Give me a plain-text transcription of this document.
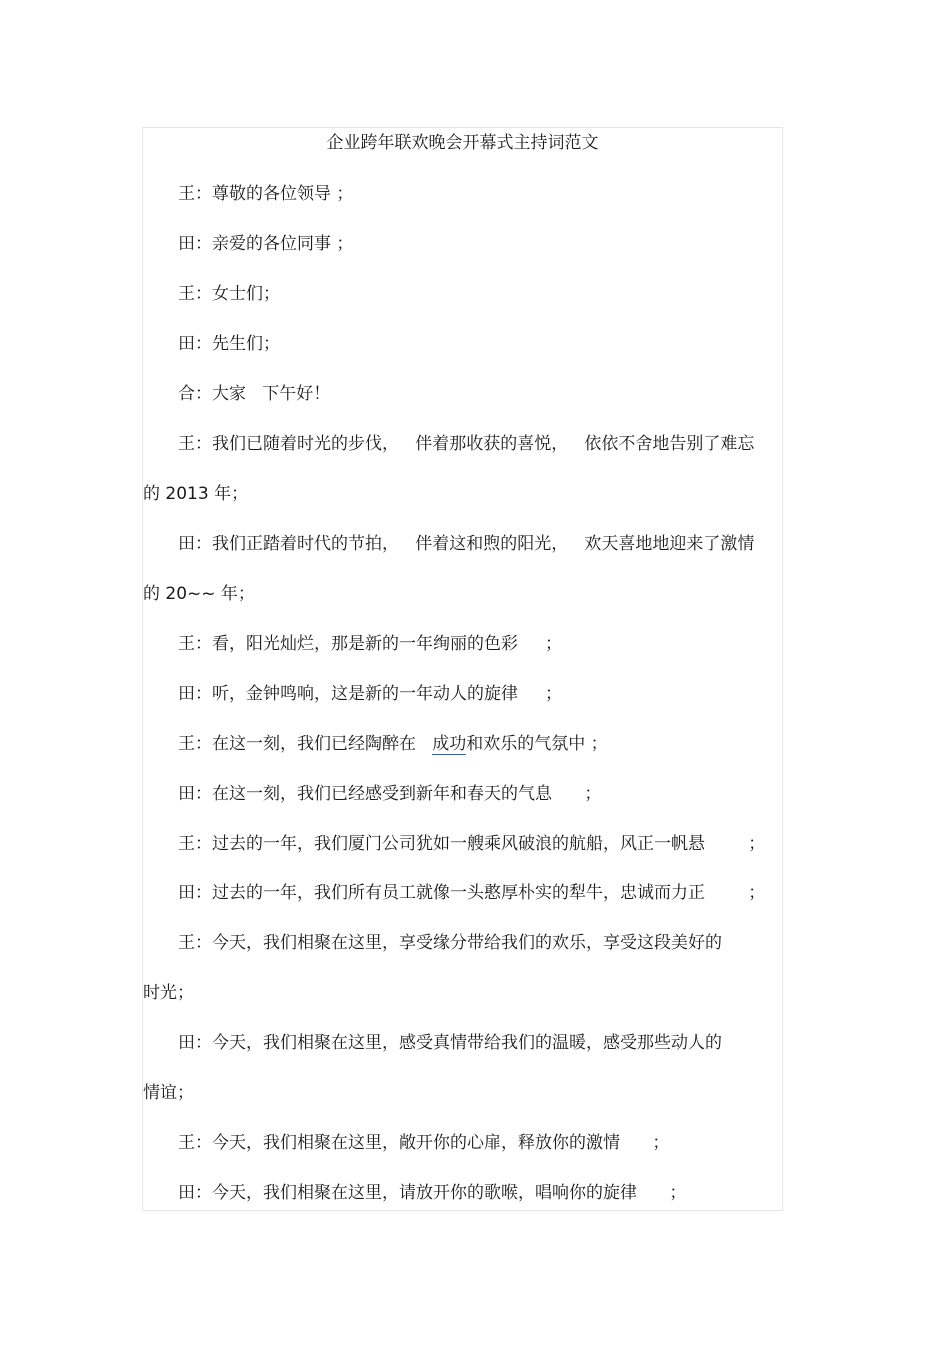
企业跨年联欢晚会开幕式主持词范文
王：尊敬的各位领导 ；
田：亲爱的各位同事 ；
王：女士们；
田：先生们；
合：大家   下午好！
王：我们已随着时光的步伐，   伴着那收获的喜悦，   依依不舍地告别了难忘
的 2013 年；
田：我们正踏着时代的节拍，   伴着这和煦的阳光，   欢天喜地地迎来了激情
的 20~~ 年；
王：看，阳光灿烂，那是新的一年绚丽的色彩     ；
田：听，金钟鸣响，这是新的一年动人的旋律     ；
王：在这一刻，我们已经陶醉在   成功和欢乐的气氛中 ；
田：在这一刻，我们已经感受到新年和春天的气息      ；
王：过去的一年，我们厦门公司犹如一艘乘风破浪的航船，风正一帆悬        ；
田：过去的一年，我们所有员工就像一头憨厚朴实的犁牛，忠诚而力正        ；
王：今天，我们相聚在这里，享受缘分带给我们的欢乐，享受这段美好的
时光；
田：今天，我们相聚在这里，感受真情带给我们的温暖，感受那些动人的
情谊；
王：今天，我们相聚在这里，敞开你的心扉，释放你的激情      ；
田：今天，我们相聚在这里，请放开你的歌喉，唱响你的旋律      ；
